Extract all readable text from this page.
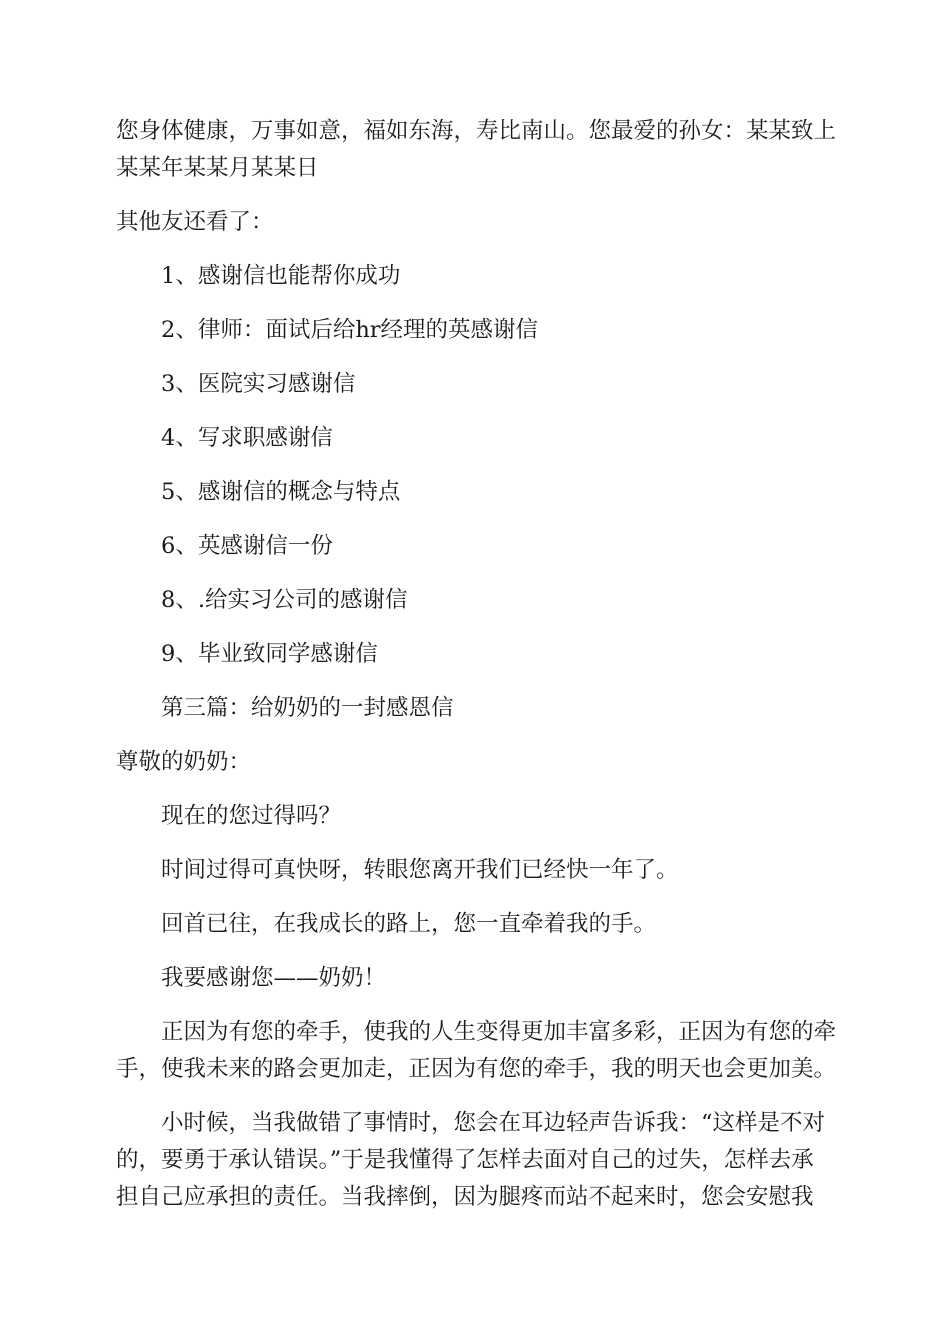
您身体健康，万事如意，福如东海，寿比南山。您最爱的孙女：某某致上
某某年某某月某某日
其他友还看了：
1、感谢信也能帮你成功
2、律师：面试后给hr经理的英感谢信
3、医院实习感谢信
4、写求职感谢信
5、感谢信的概念与特点
6、英感谢信一份
8、.给实习公司的感谢信
9、毕业致同学感谢信
第三篇：给奶奶的一封感恩信
尊敬的奶奶：
现在的您过得吗？
时间过得可真快呀，转眼您离开我们已经快一年了。
回首已往，在我成长的路上，您一直牵着我的手。
我要感谢您——奶奶！
正因为有您的牵手，使我的人生变得更加丰富多彩，正因为有您的牵
手，使我未来的路会更加走，正因为有您的牵手，我的明天也会更加美。
小时候，当我做错了事情时，您会在耳边轻声告诉我：“这样是不对
的，要勇于承认错误。”于是我懂得了怎样去面对自己的过失，怎样去承
担自己应承担的责任。当我摔倒，因为腿疼而站不起来时，您会安慰我
